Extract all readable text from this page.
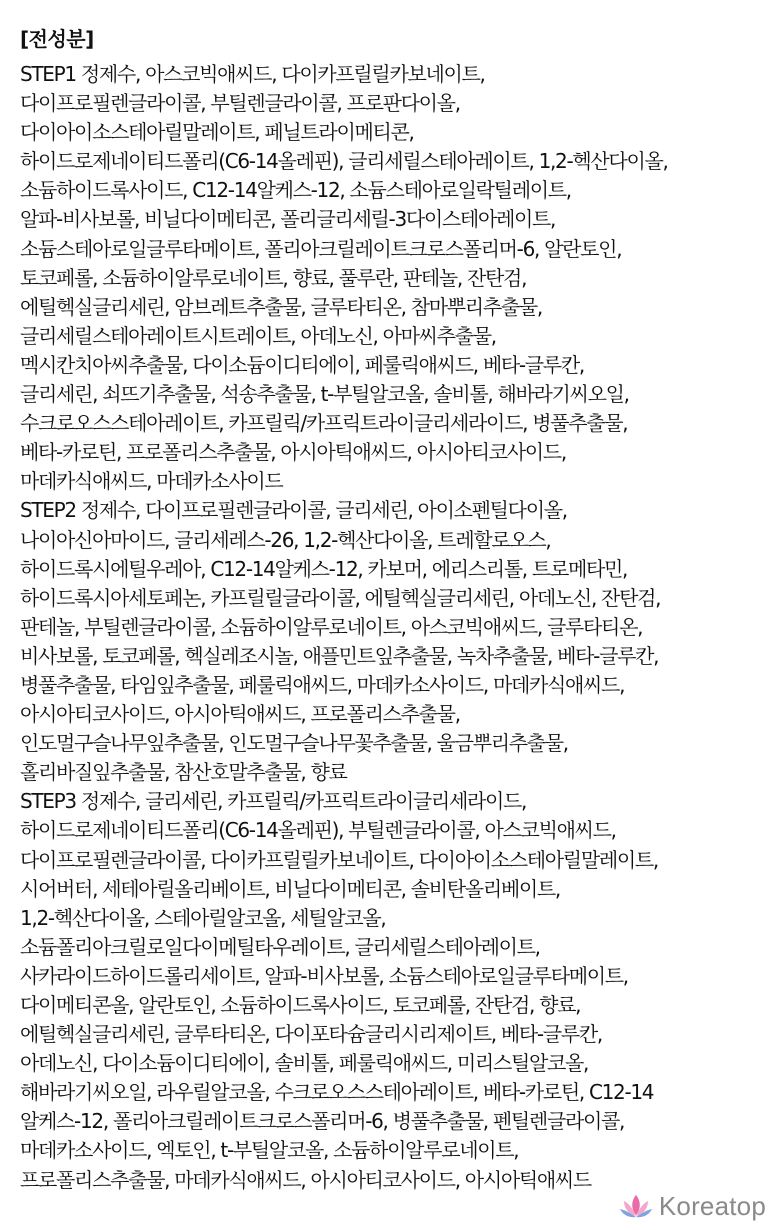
[전성분]
STEP1 정제수, 아스코빅애씨드, 다이카프릴릴카보네이트,
다이프로필렌글라이콜, 부틸렌글라이콜, 프로판다이올,
다이아이소스테아릴말레이트, 페닐트라이메티콘,
하이드로제네이티드폴리(C6-14올레핀), 글리세릴스테아레이트, 1,2-헥산다이올,
소듐하이드록사이드, C12-14알케스-12, 소듐스테아로일락틸레이트,
알파-비사보롤, 비닐다이메티콘, 폴리글리세릴-3다이스테아레이트,
소듐스테아로일글루타메이트, 폴리아크릴레이트크로스폴리머-6, 알란토인,
토코페롤, 소듐하이알루로네이트, 향료, 풀루란, 판테놀, 잔탄검,
에틸헥실글리세린, 암브레트추출물, 글루타티온, 참마뿌리추출물,
글리세릴스테아레이트시트레이트, 아데노신, 아마씨추출물,
멕시칸치아씨추출물, 다이소듐이디티에이, 페룰릭애씨드, 베타-글루칸,
글리세린, 쇠뜨기추출물, 석송추출물, t-부틸알코올, 솔비톨, 해바라기씨오일,
수크로오스스테아레이트, 카프릴릭/카프릭트라이글리세라이드, 병풀추출물,
베타-카로틴, 프로폴리스추출물, 아시아틱애씨드, 아시아티코사이드,
마데카식애씨드, 마데카소사이드
STEP2 정제수, 다이프로필렌글라이콜, 글리세린, 아이소펜틸다이올,
나이아신아마이드, 글리세레스-26, 1,2-헥산다이올, 트레할로오스,
하이드록시에틸우레아, C12-14알케스-12, 카보머, 에리스리톨, 트로메타민,
하이드록시아세토페논, 카프릴릴글라이콜, 에틸헥실글리세린, 아데노신, 잔탄검,
판테놀, 부틸렌글라이콜, 소듐하이알루로네이트, 아스코빅애씨드, 글루타티온,
비사보롤, 토코페롤, 헥실레조시놀, 애플민트잎추출물, 녹차추출물, 베타-글루칸,
병풀추출물, 타임잎추출물, 페룰릭애씨드, 마데카소사이드, 마데카식애씨드,
아시아티코사이드, 아시아틱애씨드, 프로폴리스추출물,
인도멀구슬나무잎추출물, 인도멀구슬나무꽃추출물, 울금뿌리추출물,
홀리바질잎추출물, 참산호말추출물, 향료
STEP3 정제수, 글리세린, 카프릴릭/카프릭트라이글리세라이드,
하이드로제네이티드폴리(C6-14올레핀), 부틸렌글라이콜, 아스코빅애씨드,
다이프로필렌글라이콜, 다이카프릴릴카보네이트, 다이아이소스테아릴말레이트,
시어버터, 세테아릴올리베이트, 비닐다이메티콘, 솔비탄올리베이트,
1,2-헥산다이올, 스테아릴알코올, 세틸알코올,
소듐폴리아크릴로일다이메틸타우레이트, 글리세릴스테아레이트,
사카라이드하이드롤리세이트, 알파-비사보롤, 소듐스테아로일글루타메이트,
다이메티콘올, 알란토인, 소듐하이드록사이드, 토코페롤, 잔탄검, 향료,
에틸헥실글리세린, 글루타티온, 다이포타슘글리시리제이트, 베타-글루칸,
아데노신, 다이소듐이디티에이, 솔비톨, 페룰릭애씨드, 미리스틸알코올,
해바라기씨오일, 라우릴알코올, 수크로오스스테아레이트, 베타-카로틴, C12-14
알케스-12, 폴리아크릴레이트크로스폴리머-6, 병풀추출물, 펜틸렌글라이콜,
마데카소사이드, 엑토인, t-부틸알코올, 소듐하이알루로네이트,
프로폴리스추출물, 마데카식애씨드, 아시아티코사이드, 아시아틱애씨드
Koreatop
